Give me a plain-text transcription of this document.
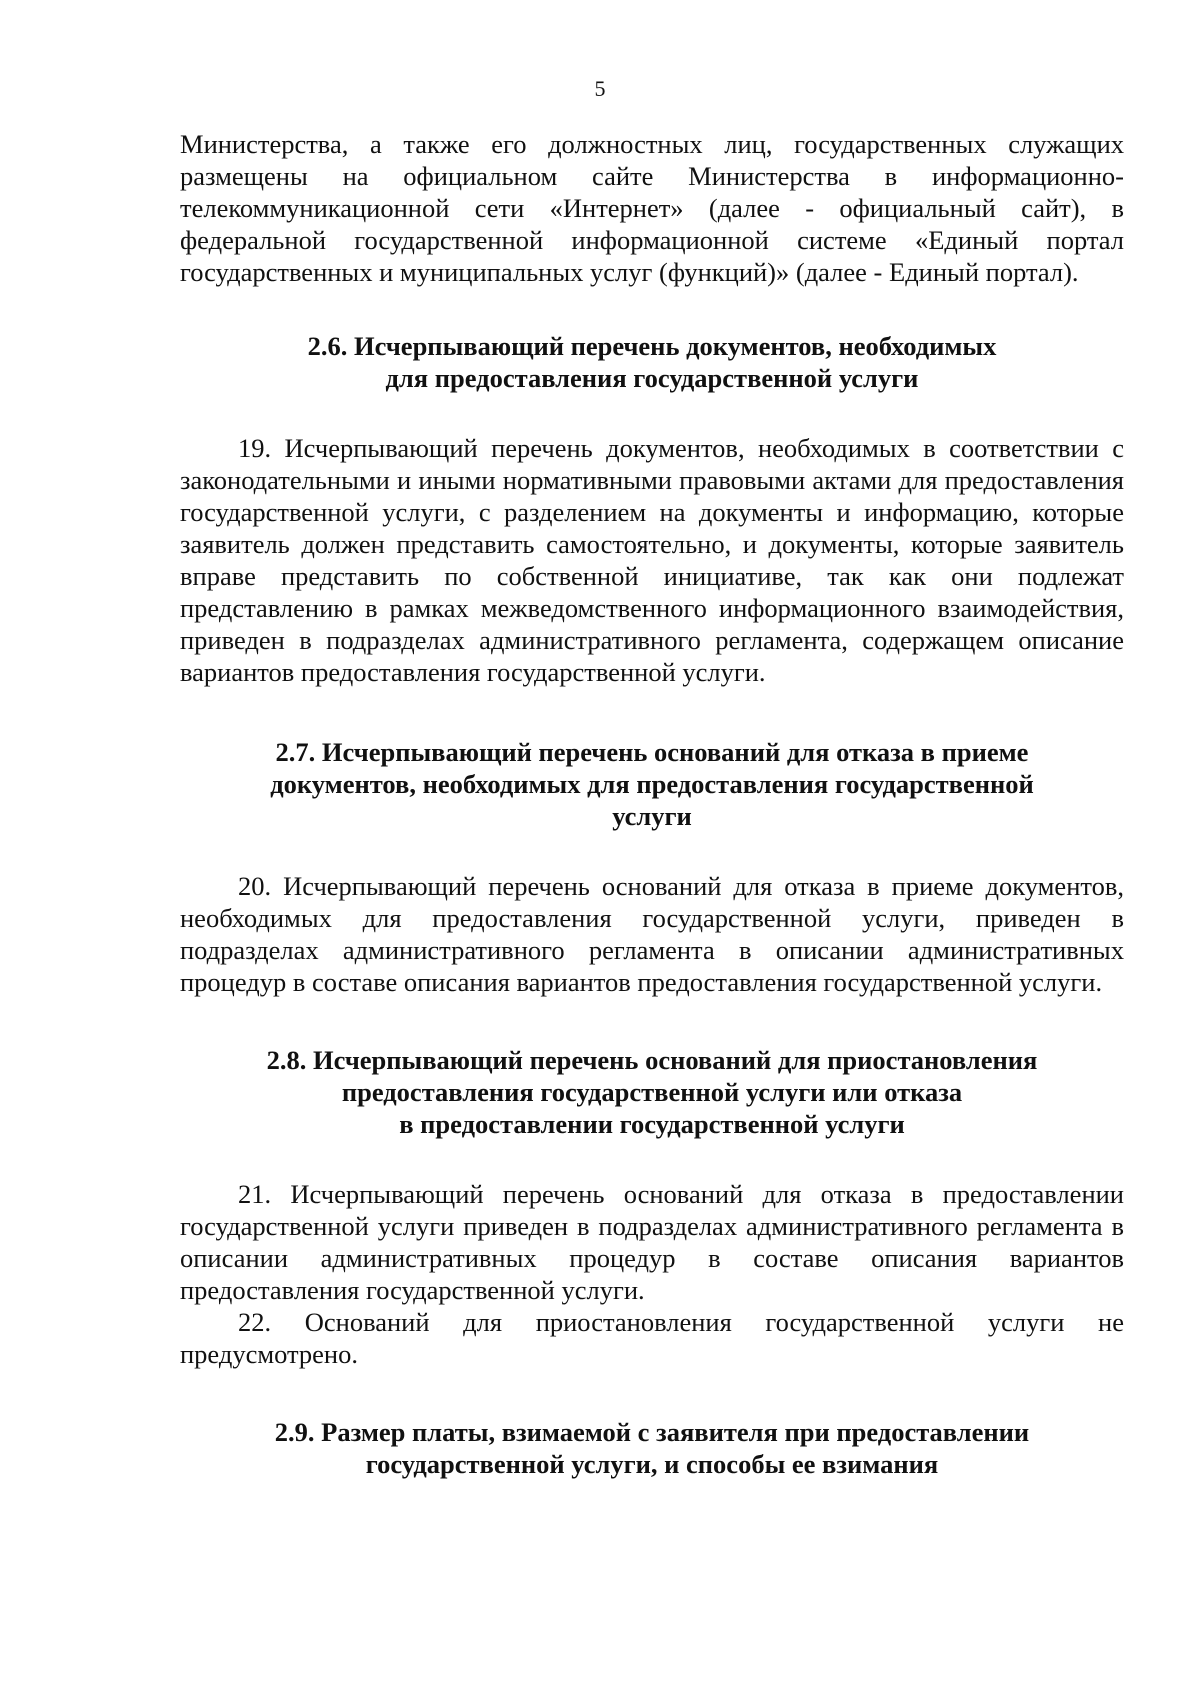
5

Министерства, а также его должностных лиц, государственных служащих размещены на официальном сайте Министерства в информационно-телекоммуникационной сети «Интернет» (далее - официальный сайт), в федеральной государственной информационной системе «Единый портал государственных и муниципальных услуг (функций)» (далее - Единый портал).

2.6. Исчерпывающий перечень документов, необходимых
для предоставления государственной услуги

19. Исчерпывающий перечень документов, необходимых в соответствии с законодательными и иными нормативными правовыми актами для предоставления государственной услуги, с разделением на документы и информацию, которые заявитель должен представить самостоятельно, и документы, которые заявитель вправе представить по собственной инициативе, так как они подлежат представлению в рамках межведомственного информационного взаимодействия, приведен в подразделах административного регламента, содержащем описание вариантов предоставления государственной услуги.

2.7. Исчерпывающий перечень оснований для отказа в приеме
документов, необходимых для предоставления государственной
услуги

20. Исчерпывающий перечень оснований для отказа в приеме документов, необходимых для предоставления государственной услуги, приведен в подразделах административного регламента в описании административных процедур в составе описания вариантов предоставления государственной услуги.

2.8. Исчерпывающий перечень оснований для приостановления
предоставления государственной услуги или отказа
в предоставлении государственной услуги

21. Исчерпывающий перечень оснований для отказа в предоставлении государственной услуги приведен в подразделах административного регламента в описании административных процедур в составе описания вариантов предоставления государственной услуги.

22. Оснований для приостановления государственной услуги не предусмотрено.

2.9. Размер платы, взимаемой с заявителя при предоставлении
государственной услуги, и способы ее взимания
